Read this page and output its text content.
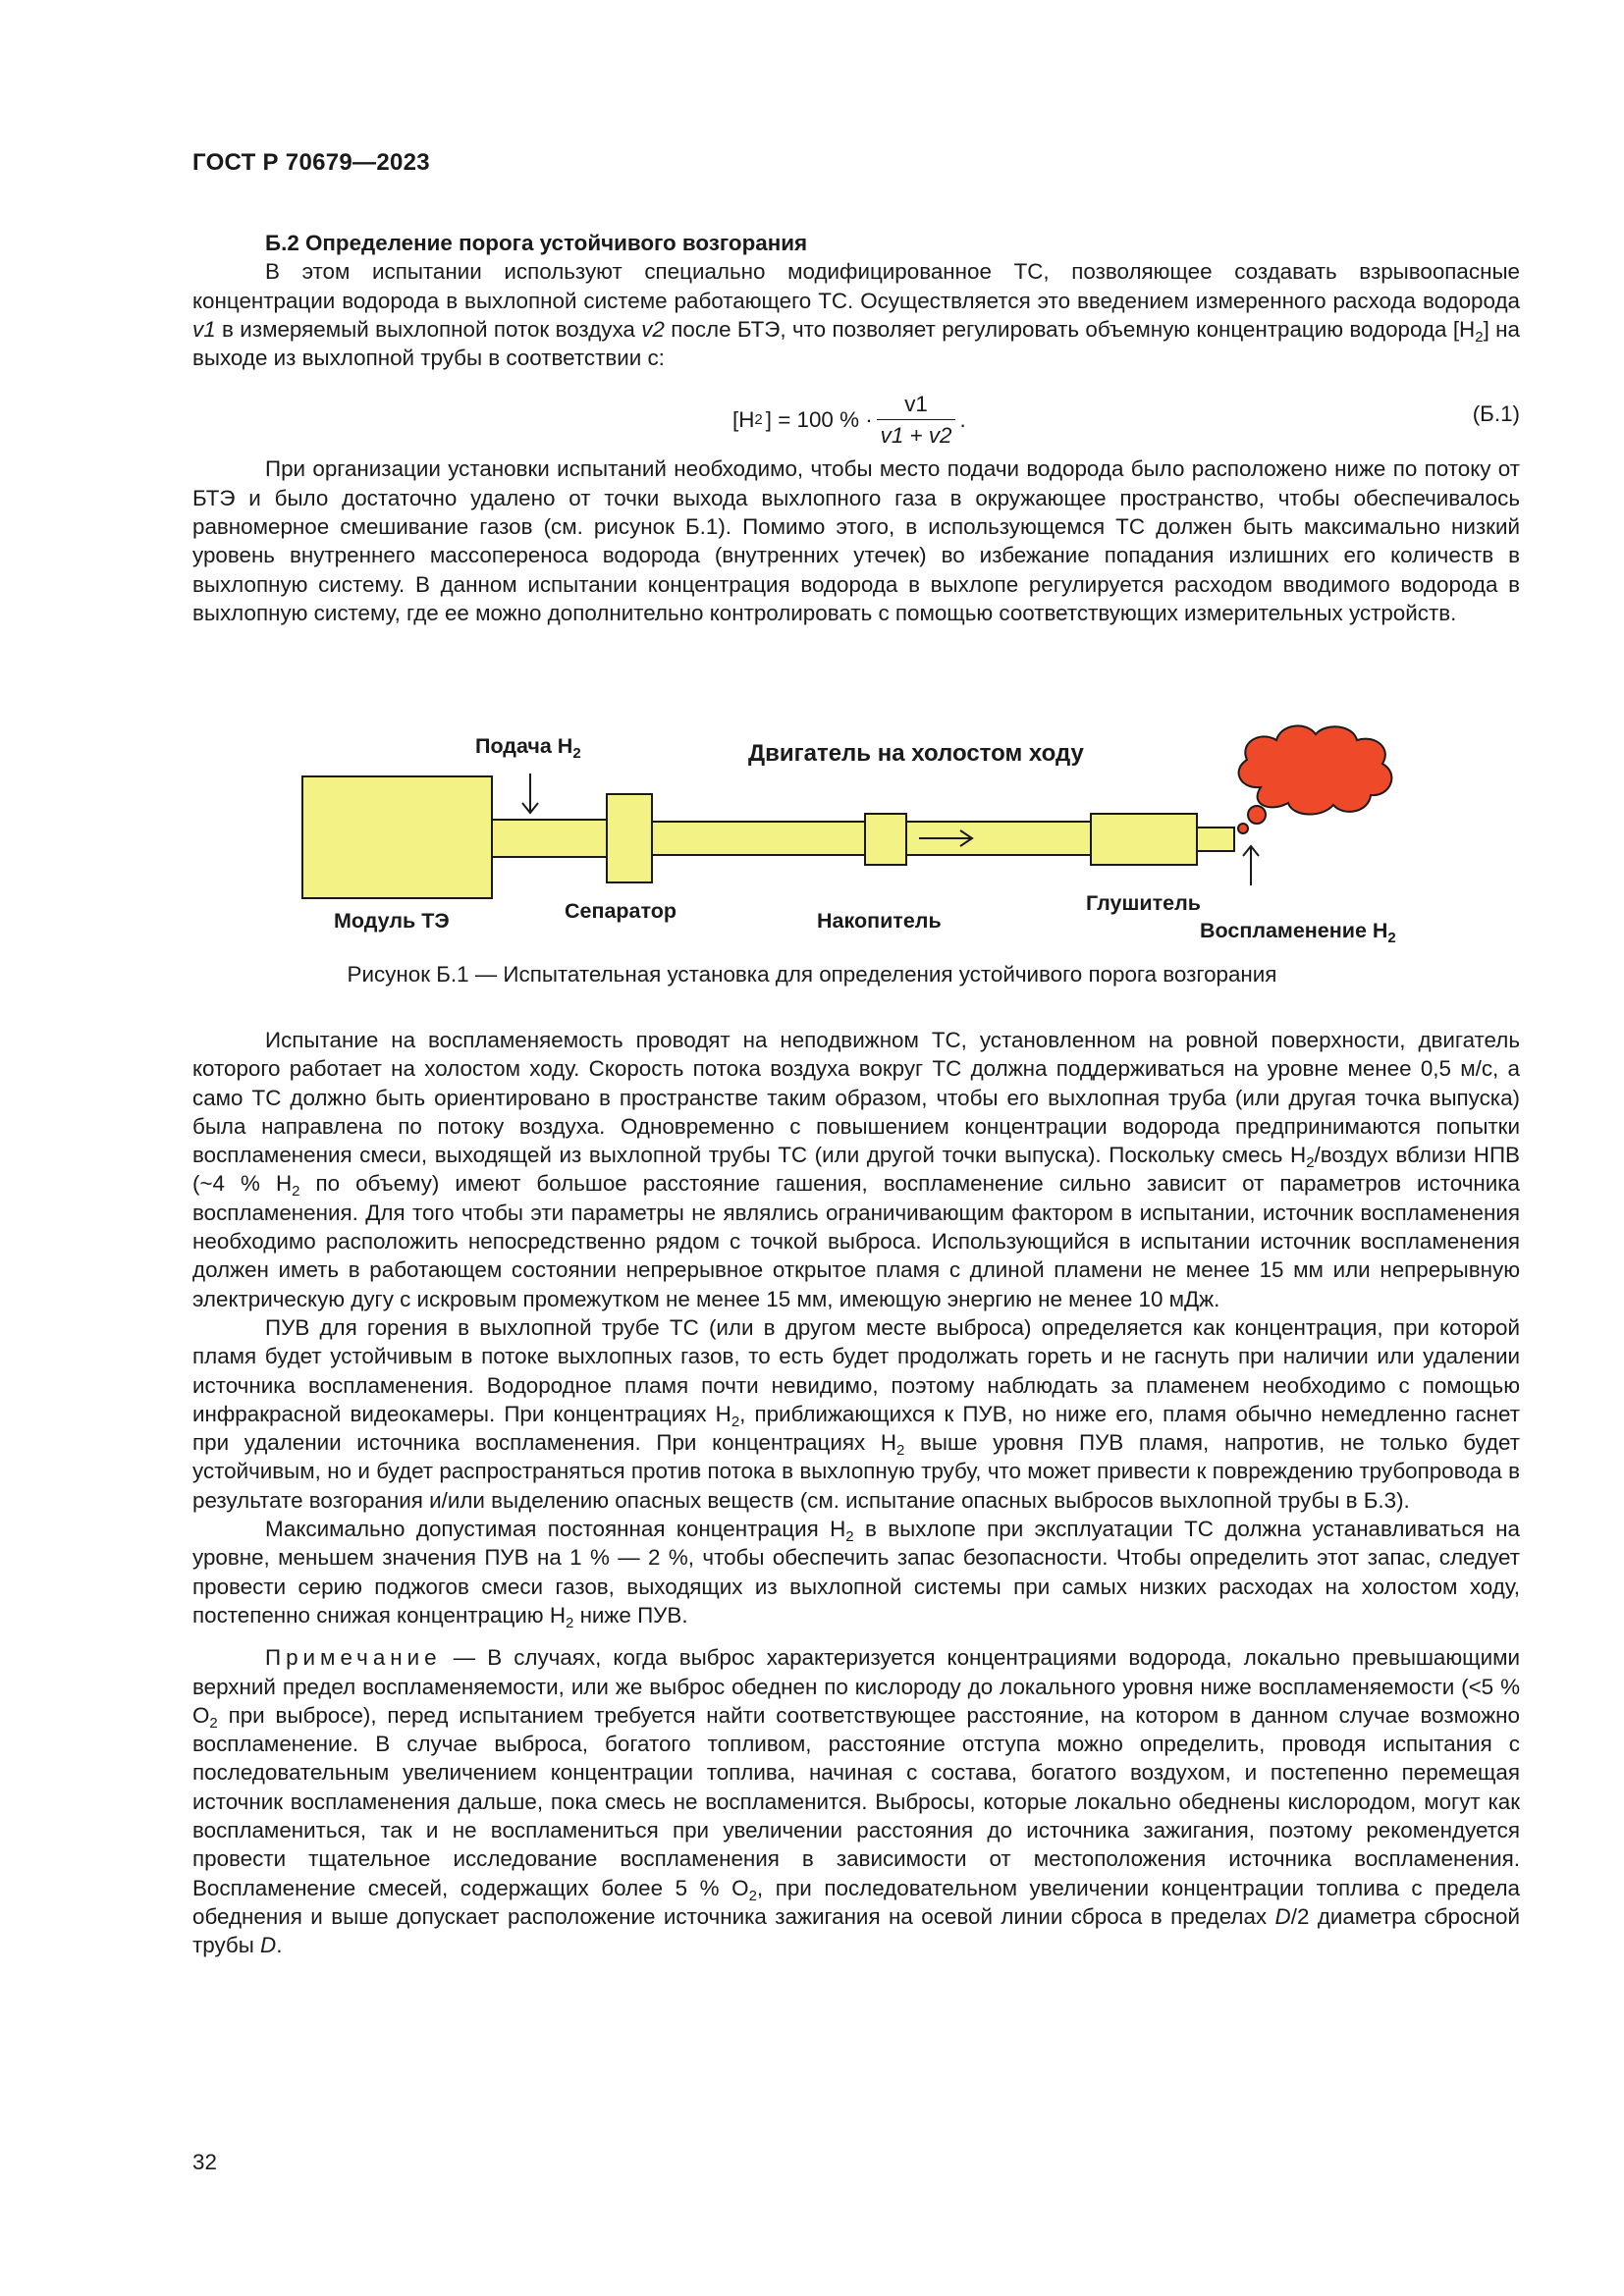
ГОСТ Р 70679—2023

Б.2 Определение порога устойчивого возгорания

В этом испытании используют специально модифицированное ТС, позволяющее создавать взрывоопасные концентрации водорода в выхлопной системе работающего ТС. Осуществляется это введением измеренного расхода водорода v1 в измеряемый выхлопной поток воздуха v2 после БТЭ, что позволяет регулировать объемную концентрацию водорода $[H_2]$ на выходе из выхлопной трубы в соответствии с:

[H 2 ] = 100 % · $\frac{v1}{v1 + v2}$ .	(Б.1)

При организации установки испытаний необходимо, чтобы место подачи водорода было расположено ниже по потоку от БТЭ и было достаточно удалено от точки выхода выхлопного газа в окружающее пространство, чтобы обеспечивалось равномерное смешивание газов (см. рисунок Б.1). Помимо этого, в использующемся ТС должен быть максимально низкий уровень внутреннего массопереноса водорода (внутренних утечек) во избежание попадания излишних его количеств в выхлопную систему. В данном испытании концентрация водорода в выхлопе регулируется расходом вводимого водорода в выхлопную систему, где ее можно дополнительно контролировать с помощью соответствующих измерительных устройств.

Подача $H_2$	Двигатель на холостом ходу
Модуль ТЭ	Сепаратор	Накопитель
Глушитель
Воспламенение $H_2$
Рисунок Б.1 — Испытательная установка для определения устойчивого порога возгорания

Испытание на воспламеняемость проводят на неподвижном ТС, установленном на ровной поверхности, двигатель которого работает на холостом ходу. Скорость потока воздуха вокруг ТС должна поддерживаться на уровне менее 0,5 м/с, а само ТС должно быть ориентировано в пространстве таким образом, чтобы его выхлопная труба (или другая точка выпуска) была направлена по потоку воздуха. Одновременно с повышением концентрации водорода предпринимаются попытки воспламенения смеси, выходящей из выхлопной трубы ТС (или другой точки выпуска). Поскольку смесь $H_2$/воздух вблизи НПВ (~4 % $H_2$ по объему) имеют большое расстояние гашения, воспламенение сильно зависит от параметров источника воспламенения. Для того чтобы эти параметры не являлись ограничивающим фактором в испытании, источник воспламенения необходимо расположить непосредственно рядом с точкой выброса. Использующийся в испытании источник воспламенения должен иметь в работающем состоянии непрерывное открытое пламя с длиной пламени не менее 15 мм или непрерывную электрическую дугу с искровым промежутком не менее 15 мм, имеющую энергию не менее 10 мДж.

ПУВ для горения в выхлопной трубе ТС (или в другом месте выброса) определяется как концентрация, при которой пламя будет устойчивым в потоке выхлопных газов, то есть будет продолжать гореть и не гаснуть при наличии или удалении источника воспламенения. Водородное пламя почти невидимо, поэтому наблюдать за пламенем необходимо с помощью инфракрасной видеокамеры. При концентрациях $H_2$, приближающихся к ПУВ, но ниже его, пламя обычно немедленно гаснет при удалении источника воспламенения. При концентрациях $H_2$ выше уровня ПУВ пламя, напротив, не только будет устойчивым, но и будет распространяться против потока в выхлопную трубу, что может привести к повреждению трубопровода в результате возгорания и/или выделению опасных веществ (см. испытание опасных выбросов выхлопной трубы в Б.3).

Максимально допустимая постоянная концентрация $H_2$ в выхлопе при эксплуатации ТС должна устанавливаться на уровне, меньшем значения ПУВ на 1 % — 2 %, чтобы обеспечить запас безопасности. Чтобы определить этот запас, следует провести серию поджогов смеси газов, выходящих из выхлопной системы при самых низких расходах на холостом ходу, постепенно снижая концентрацию $H_2$ ниже ПУВ.

Примечание — В случаях, когда выброс характеризуется концентрациями водорода, локально превышающими верхний предел воспламеняемости, или же выброс обеднен по кислороду до локального уровня ниже воспламеняемости (<5 % $O_2$ при выбросе), перед испытанием требуется найти соответствующее расстояние, на котором в данном случае возможно воспламенение. В случае выброса, богатого топливом, расстояние отступа можно определить, проводя испытания с последовательным увеличением концентрации топлива, начиная с состава, богатого воздухом, и постепенно перемещая источник воспламенения дальше, пока смесь не воспламенится. Выбросы, которые локально обеднены кислородом, могут как воспламениться, так и не воспламениться при увеличении расстояния до источника зажигания, поэтому рекомендуется провести тщательное исследование воспламенения в зависимости от местоположения источника воспламенения. Воспламенение смесей, содержащих более 5 % $O_2$, при последовательном увеличении концентрации топлива с предела обеднения и выше допускает расположение источника зажигания на осевой линии сброса в пределах D/2 диаметра сбросной трубы D.

32
